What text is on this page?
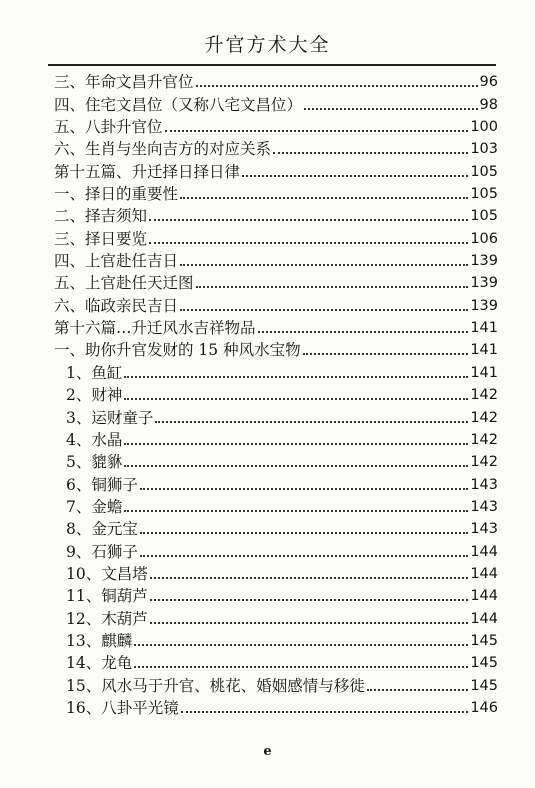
升官方术大全
三、年命文昌升官位	96
四、住宅文昌位（又称八宅文昌位）	98
五、八卦升官位	100
六、生肖与坐向吉方的对应关系	103
第十五篇、升迁择日择日律	105
一、择日的重要性	105
二、择吉须知	105
三、择日要览	106
四、上官赴任吉日	139
五、上官赴任天迁图	139
六、临政亲民吉日	139
第十六篇…升迁风水吉祥物品	141
一、助你升官发财的 15 种风水宝物	141
1、鱼缸	141
2、财神	142
3、运财童子	142
4、水晶	142
5、貔貅	142
6、铜狮子	143
7、金蟾	143
8、金元宝	143
9、石狮子	144
10、文昌塔	144
11、铜葫芦	144
12、木葫芦	144
13、麒麟	145
14、龙龟	145
15、风水马于升官、桃花、婚姻感情与移徙	145
16、八卦平光镜	146
e
